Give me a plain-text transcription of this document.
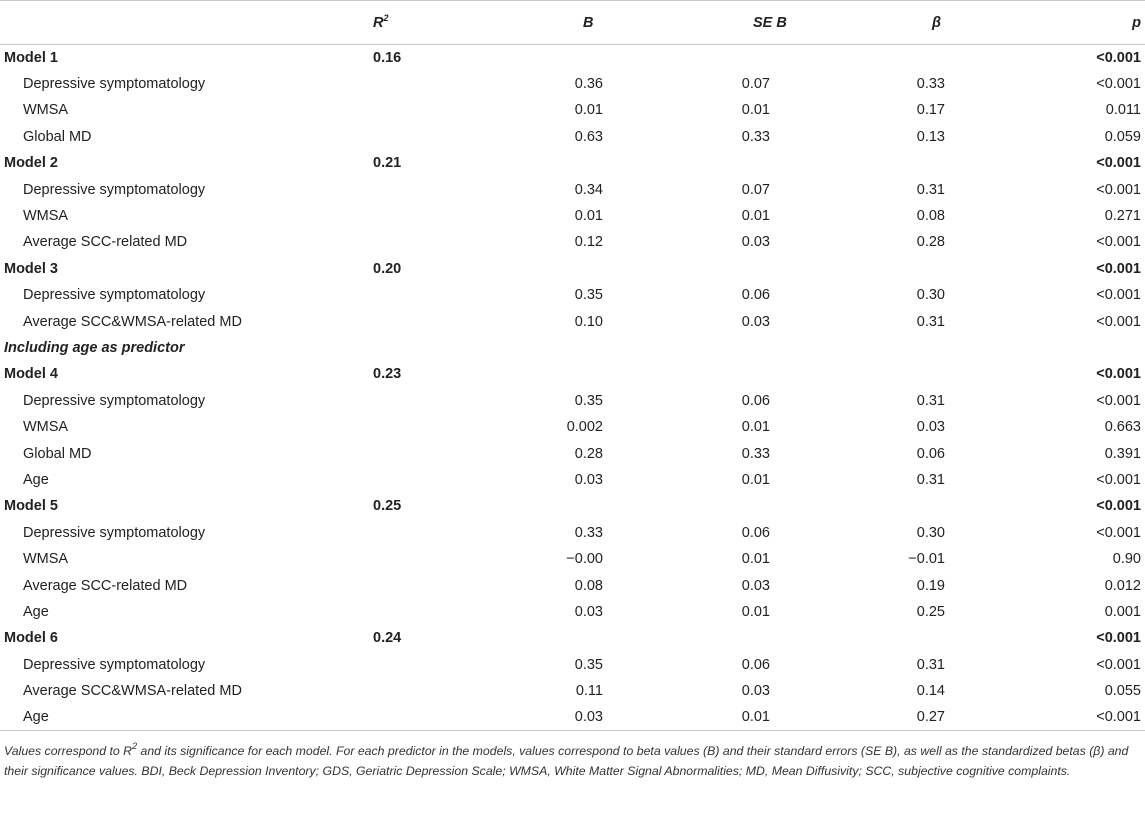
	$R^2$	B	SE B	β	p
Model 1	0.16				<0.001
Depressive symptomatology		0.36	0.07	0.33	<0.001
WMSA		0.01	0.01	0.17	0.011
Global MD		0.63	0.33	0.13	0.059
Model 2	0.21				<0.001
Depressive symptomatology		0.34	0.07	0.31	<0.001
WMSA		0.01	0.01	0.08	0.271
Average SCC-related MD		0.12	0.03	0.28	<0.001
Model 3	0.20				<0.001
Depressive symptomatology		0.35	0.06	0.30	<0.001
Average SCC&WMSA-related MD		0.10	0.03	0.31	<0.001
Including age as predictor					
Model 4	0.23				<0.001
Depressive symptomatology		0.35	0.06	0.31	<0.001
WMSA		0.002	0.01	0.03	0.663
Global MD		0.28	0.33	0.06	0.391
Age		0.03	0.01	0.31	<0.001
Model 5	0.25				<0.001
Depressive symptomatology		0.33	0.06	0.30	<0.001
WMSA		−0.00	0.01	−0.01	0.90
Average SCC-related MD		0.08	0.03	0.19	0.012
Age		0.03	0.01	0.25	0.001
Model 6	0.24				<0.001
Depressive symptomatology		0.35	0.06	0.31	<0.001
Average SCC&WMSA-related MD		0.11	0.03	0.14	0.055
Age		0.03	0.01	0.27	<0.001
Values correspond to $R^2$ and its significance for each model. For each predictor in the models, values correspond to beta values (B) and their standard errors (SE B), as well as the standardized betas (β) and their significance values. BDI, Beck Depression Inventory; GDS, Geriatric Depression Scale; WMSA, White Matter Signal Abnormalities; MD, Mean Diffusivity; SCC, subjective cognitive complaints.
